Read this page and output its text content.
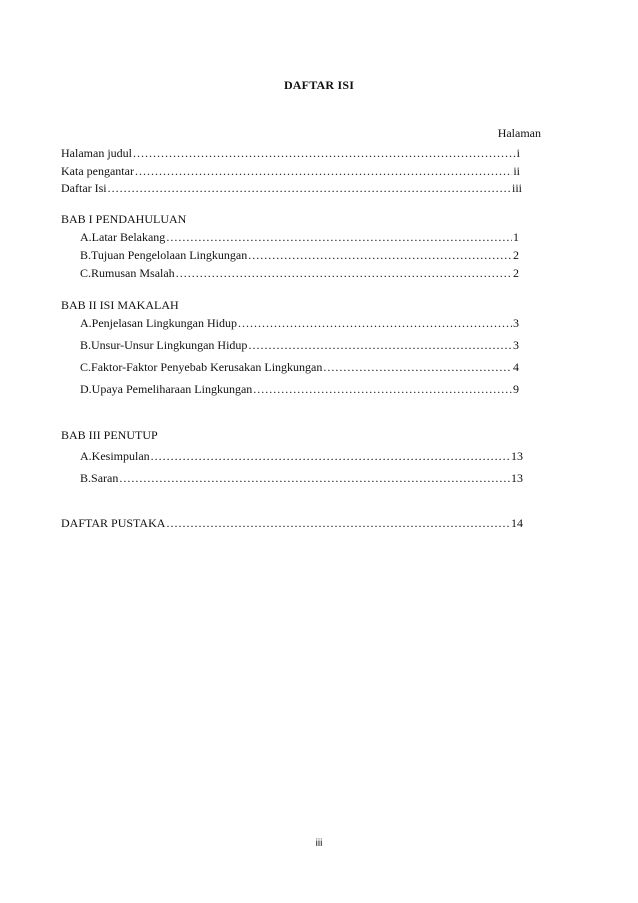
DAFTAR ISI
Halaman
Halaman judul .....	i
Kata pengantar .....	ii
Daftar Isi .....	iii
BAB I PENDAHULUAN
A. Latar Belakang .....	1
B. Tujuan Pengelolaan Lingkungan .....	2
C. Rumusan Msalah .....	2
BAB II ISI MAKALAH
A. Penjelasan Lingkungan Hidup .....	3
B. Unsur-Unsur Lingkungan Hidup .....	3
C. Faktor-Faktor Penyebab Kerusakan Lingkungan .....	4
D. Upaya Pemeliharaan Lingkungan .....	9
BAB III PENUTUP
A. Kesimpulan .....	13
B. Saran .....	13
DAFTAR PUSTAKA .....	14
iii
